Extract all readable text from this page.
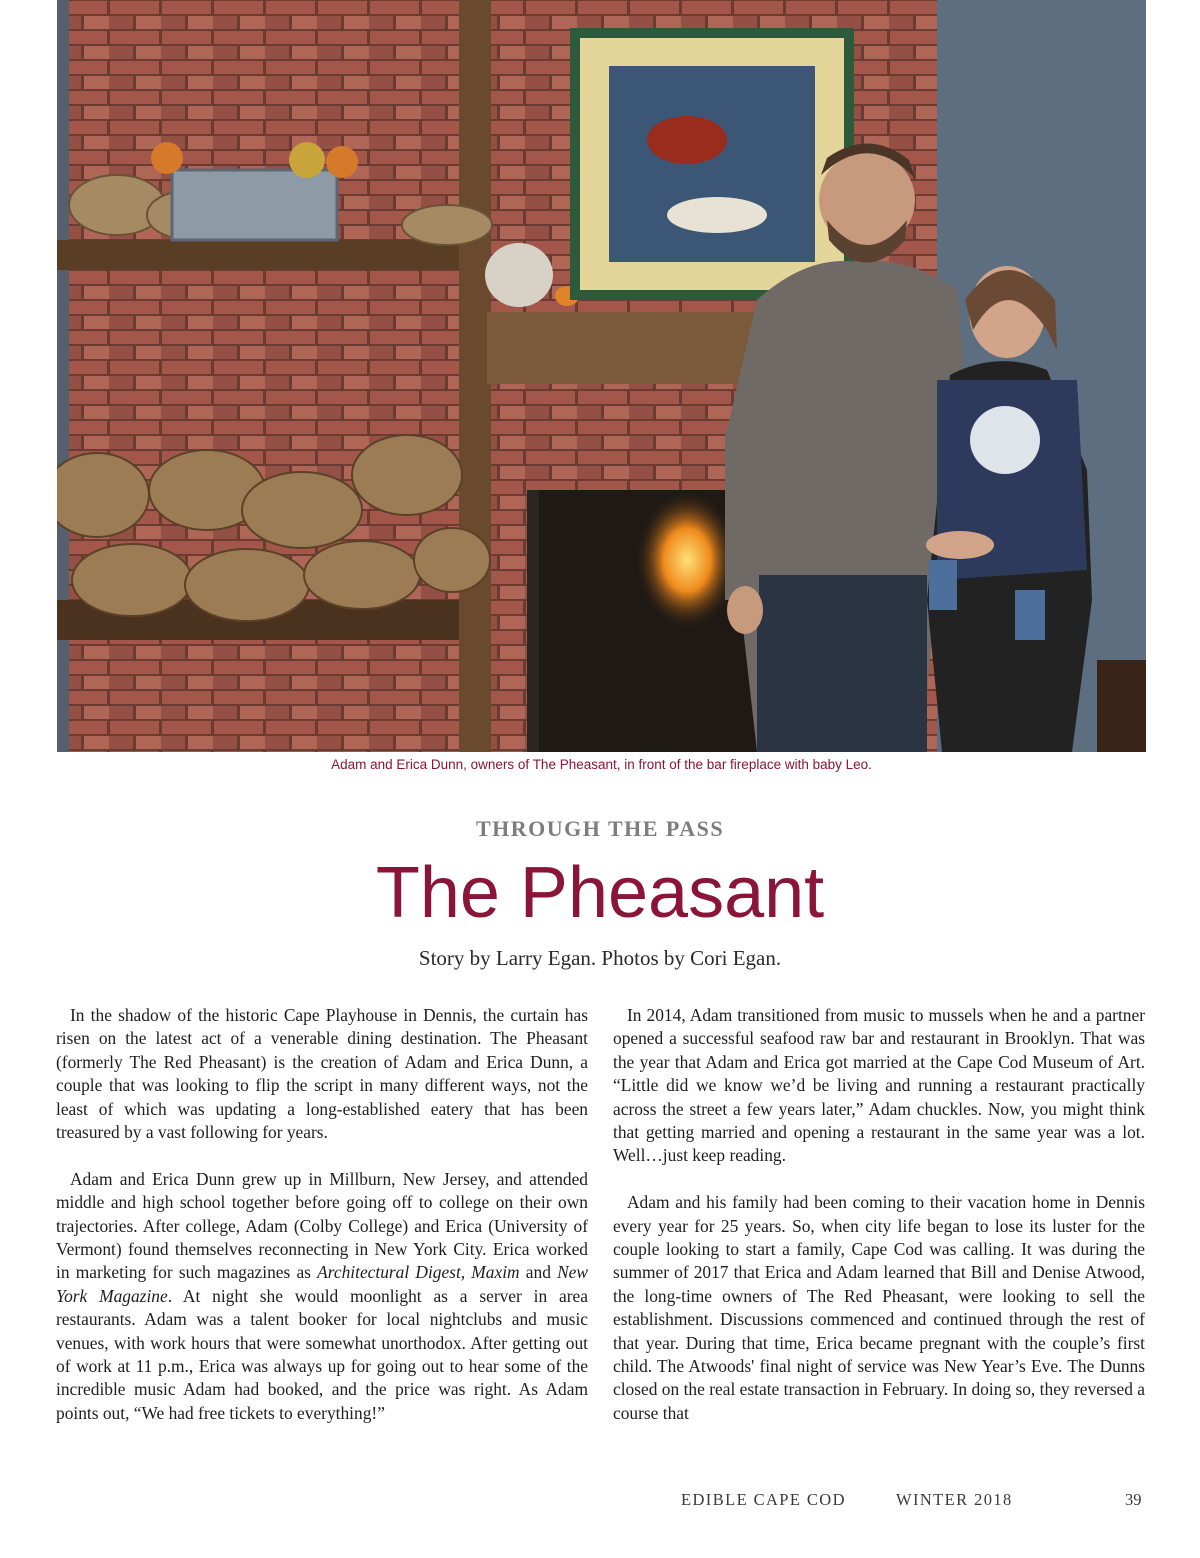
Adam and Erica Dunn, owners of The Pheasant, in front of the bar fireplace with baby Leo.
THROUGH THE PASS
The Pheasant
Story by Larry Egan. Photos by Cori Egan.

In the shadow of the historic Cape Playhouse in Dennis, the curtain has risen on the latest act of a venerable dining destination. The Pheasant (formerly The Red Pheasant) is the creation of Adam and Erica Dunn, a couple that was looking to flip the script in many different ways, not the least of which was updating a long-established eatery that has been treasured by a vast following for years.

Adam and Erica Dunn grew up in Millburn, New Jersey, and attended middle and high school together before going off to college on their own trajectories. After college, Adam (Colby College) and Erica (University of Vermont) found themselves reconnecting in New York City. Erica worked in marketing for such magazines as Architectural Digest, Maxim and New York Magazine. At night she would moonlight as a server in area restaurants. Adam was a talent booker for local nightclubs and music venues, with work hours that were somewhat unorthodox. After getting out of work at 11 p.m., Erica was always up for going out to hear some of the incredible music Adam had booked, and the price was right. As Adam points out, “We had free tickets to everything!”

In 2014, Adam transitioned from music to mussels when he and a partner opened a successful seafood raw bar and restaurant in Brooklyn. That was the year that Adam and Erica got married at the Cape Cod Museum of Art. “Little did we know we’d be living and running a restaurant practically across the street a few years later,” Adam chuckles. Now, you might think that getting married and opening a restaurant in the same year was a lot. Well…just keep reading.

Adam and his family had been coming to their vacation home in Dennis every year for 25 years. So, when city life began to lose its luster for the couple looking to start a family, Cape Cod was calling. It was during the summer of 2017 that Erica and Adam learned that Bill and Denise Atwood, the long-time owners of The Red Pheasant, were looking to sell the establishment. Discussions commenced and continued through the rest of that year. During that time, Erica became pregnant with the couple’s first child. The Atwoods' final night of service was New Year’s Eve. The Dunns closed on the real estate transaction in February. In doing so, they reversed a course that

EDIBLE CAPE COD	WINTER 2018	39
